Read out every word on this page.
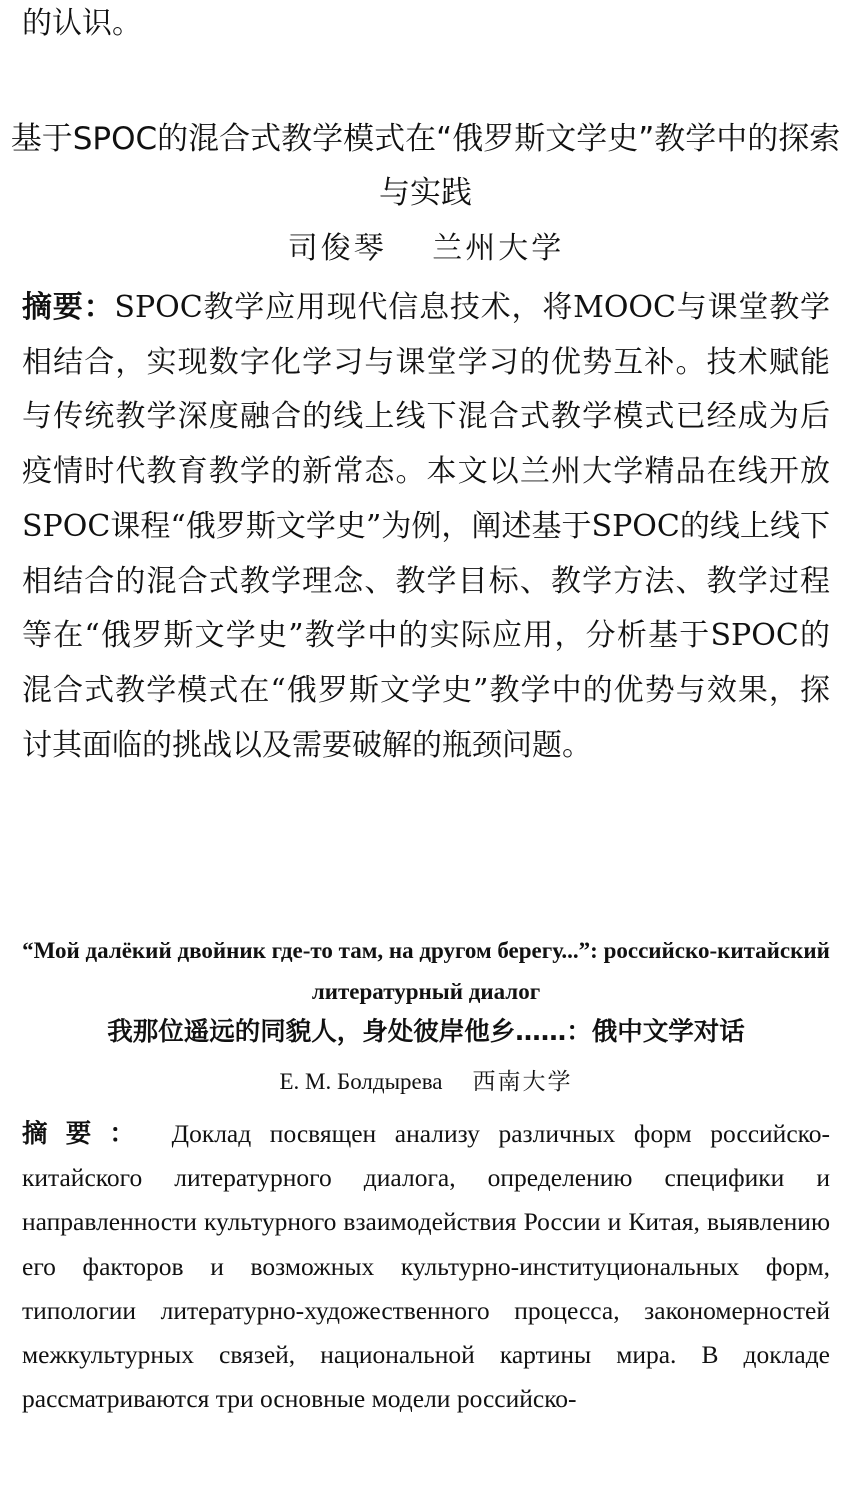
的认识。

基于SPOC的混合式教学模式在“俄罗斯文学史”教学中的探索与实践
司俊琴　 兰州大学

摘要：SPOC教学应用现代信息技术，将MOOC与课堂教学相结合，实现数字化学习与课堂学习的优势互补。技术赋能与传统教学深度融合的线上线下混合式教学模式已经成为后疫情时代教育教学的新常态。本文以兰州大学精品在线开放SPOC课程“俄罗斯文学史”为例，阐述基于SPOC的线上线下相结合的混合式教学理念、教学目标、教学方法、教学过程等在“俄罗斯文学史”教学中的实际应用，分析基于SPOC的混合式教学模式在“俄罗斯文学史”教学中的优势与效果，探讨其面临的挑战以及需要破解的瓶颈问题。

“Мой далёкий двойник где-то там, на другом берегу...”: российско-китайский литературный диалог
我那位遥远的同貌人，身处彼岸他乡……：俄中文学对话
Е. М. Болдырева 西南大学

摘要： Доклад посвящен анализу различных форм российско-китайского литературного диалога, определению специфики и направленности культурного взаимодействия России и Китая, выявлению его факторов и возможных культурно-институциональных форм, типологии литературно-художественного процесса, закономерностей межкультурных связей, национальной картины мира. В докладе рассматриваются три основные модели российско-
